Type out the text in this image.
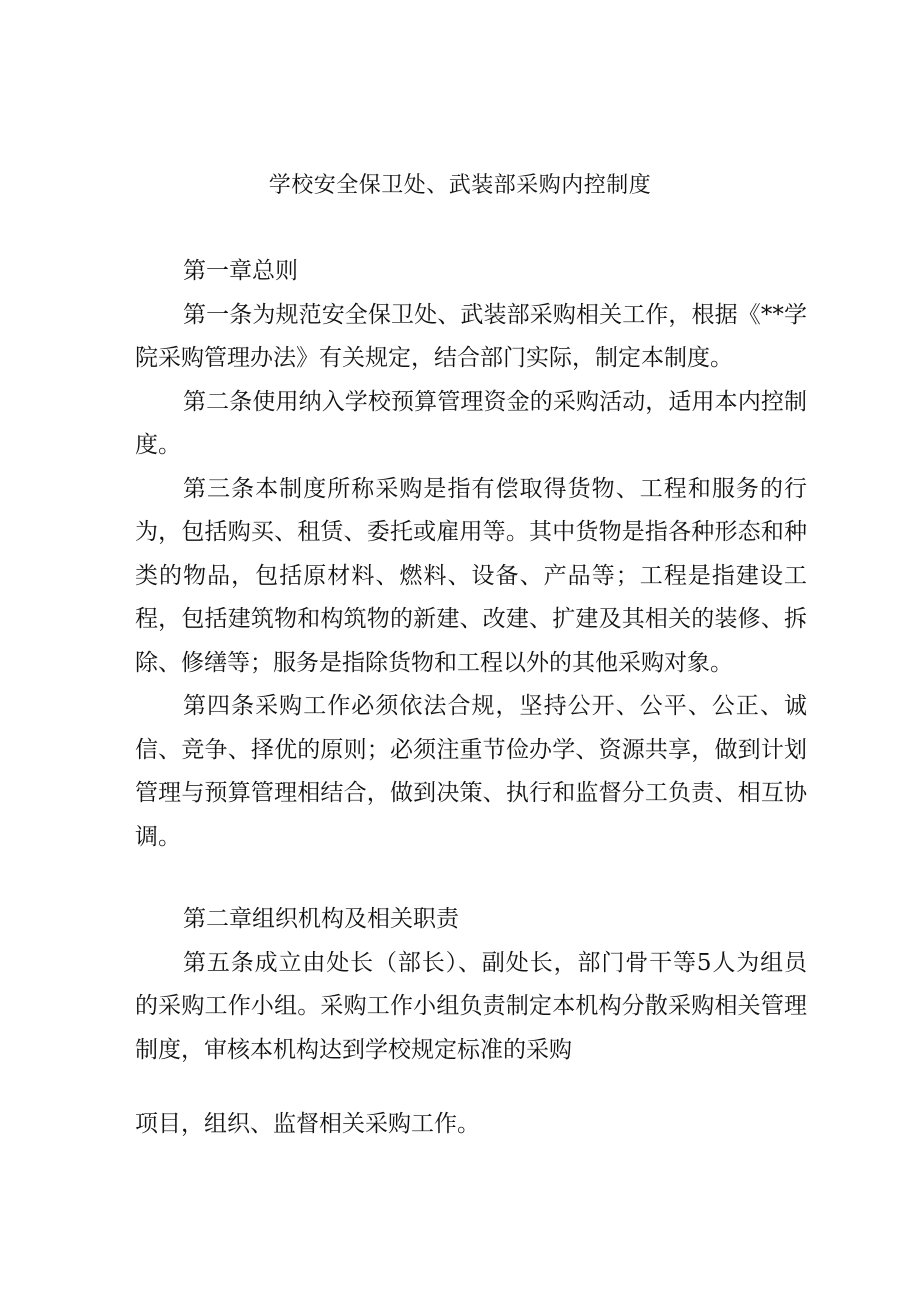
学校安全保卫处、武装部采购内控制度

第一章总则

第一条为规范安全保卫处、武装部采购相关工作，根据《**学院采购管理办法》有关规定，结合部门实际，制定本制度。

第二条使用纳入学校预算管理资金的采购活动，适用本内控制度。

第三条本制度所称采购是指有偿取得货物、工程和服务的行为，包括购买、租赁、委托或雇用等。其中货物是指各种形态和种类的物品，包括原材料、燃料、设备、产品等；工程是指建设工程，包括建筑物和构筑物的新建、改建、扩建及其相关的装修、拆除、修缮等；服务是指除货物和工程以外的其他采购对象。

第四条采购工作必须依法合规，坚持公开、公平、公正、诚信、竞争、择优的原则；必须注重节俭办学、资源共享，做到计划管理与预算管理相结合，做到决策、执行和监督分工负责、相互协调。

第二章组织机构及相关职责

第五条成立由处长（部长）、副处长，部门骨干等5人为组员的采购工作小组。采购工作小组负责制定本机构分散采购相关管理制度，审核本机构达到学校规定标准的采购

项目，组织、监督相关采购工作。
